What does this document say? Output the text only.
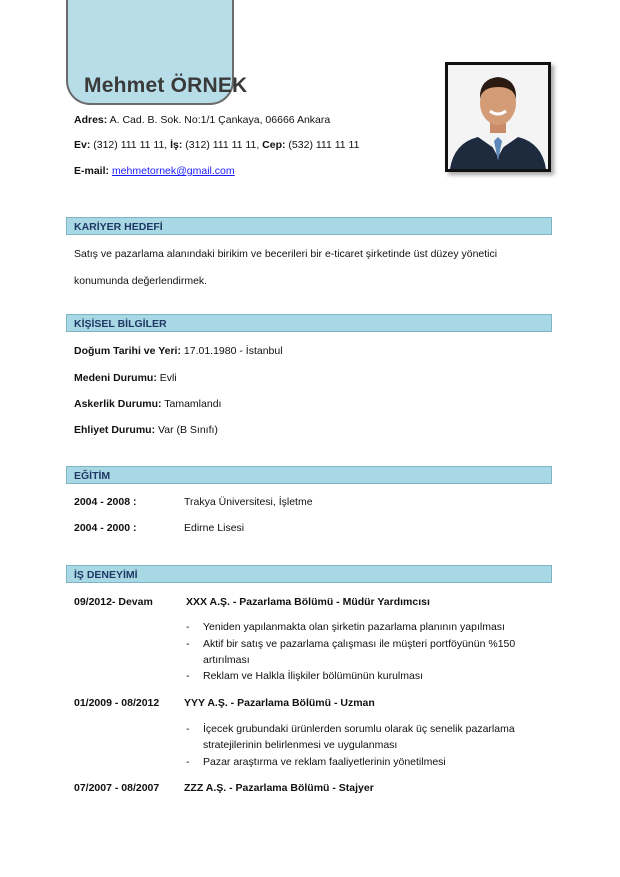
Mehmet ÖRNEK
Adres: A. Cad. B. Sok. No:1/1 Çankaya, 06666 Ankara
Ev: (312) 111 11 11, İş: (312) 111 11 11, Cep: (532) 111 11 11
E-mail: mehmetornek@gmail.com
KARİYER HEDEFİ
Satış ve pazarlama alanındaki birikim ve becerileri bir e-ticaret şirketinde üst düzey yönetici
konumunda değerlendirmek.
KİŞİSEL BİLGİLER
Doğum Tarihi ve Yeri: 17.01.1980 - İstanbul
Medeni Durumu: Evli
Askerlik Durumu: Tamamlandı
Ehliyet Durumu: Var (B Sınıfı)
EĞİTİM
2004 - 2008 :	Trakya Üniversitesi, İşletme
2004 - 2000 :	Edirne Lisesi
İŞ DENEYİMİ
09/2012- Devam	XXX A.Ş. - Pazarlama Bölümü - Müdür Yardımcısı
- Yeniden yapılanmakta olan şirketin pazarlama planının yapılması
- Aktif bir satış ve pazarlama çalışması ile müşteri portföyünün %150
artırılması
- Reklam ve Halkla İlişkiler bölümünün kurulması
01/2009 - 08/2012 YYY A.Ş. - Pazarlama Bölümü - Uzman
- İçecek grubundaki ürünlerden sorumlu olarak üç senelik pazarlama
stratejilerinin belirlenmesi ve uygulanması
- Pazar araştırma ve reklam faaliyetlerinin yönetilmesi
07/2007 - 08/2007 ZZZ A.Ş. - Pazarlama Bölümü - Stajyer
